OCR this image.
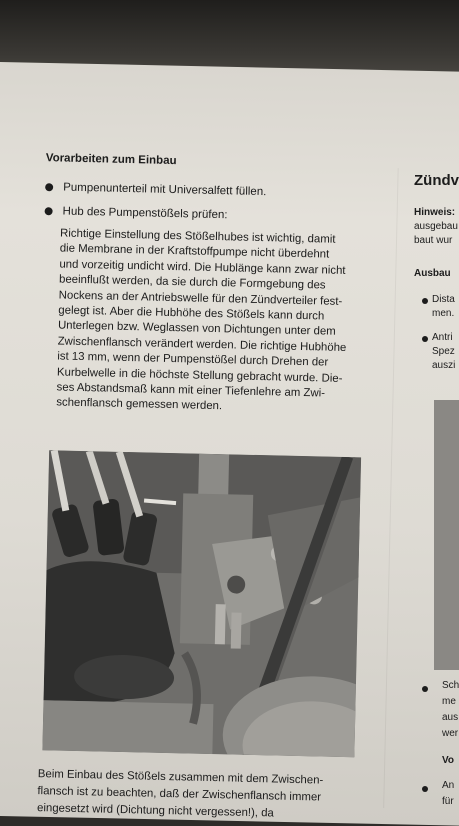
Vorarbeiten zum Einbau
Pumpenunterteil mit Universalfett füllen.
Hub des Pumpenstößels prüfen:
Richtige Einstellung des Stößelhubes ist wichtig, damit
die Membrane in der Kraftstoffpumpe nicht überdehnt
und vorzeitig undicht wird. Die Hublänge kann zwar nicht
beeinflußt werden, da sie durch die Formgebung des
Nockens an der Antriebswelle für den Zündverteiler fest-
gelegt ist. Aber die Hubhöhe des Stößels kann durch
Unterlegen bzw. Weglassen von Dichtungen unter dem
Zwischenflansch verändert werden. Die richtige Hubhöhe
ist 13 mm, wenn der Pumpenstößel durch Drehen der
Kurbelwelle in die höchste Stellung gebracht wurde. Die-
ses Abstandsmaß kann mit einer Tiefenlehre am Zwi-
schenflansch gemessen werden.
Beim Einbau des Stößels zusammen mit dem Zwischen-
flansch ist zu beachten, daß der Zwischenflansch immer
eingesetzt wird (Dichtung nicht vergessen!), da
Zündv
Hinweis:
ausgebau
baut wur
Ausbau
Dista
men.
Antri
Spez
auszi
Sch
me
aus
wer
Vo
An
für
